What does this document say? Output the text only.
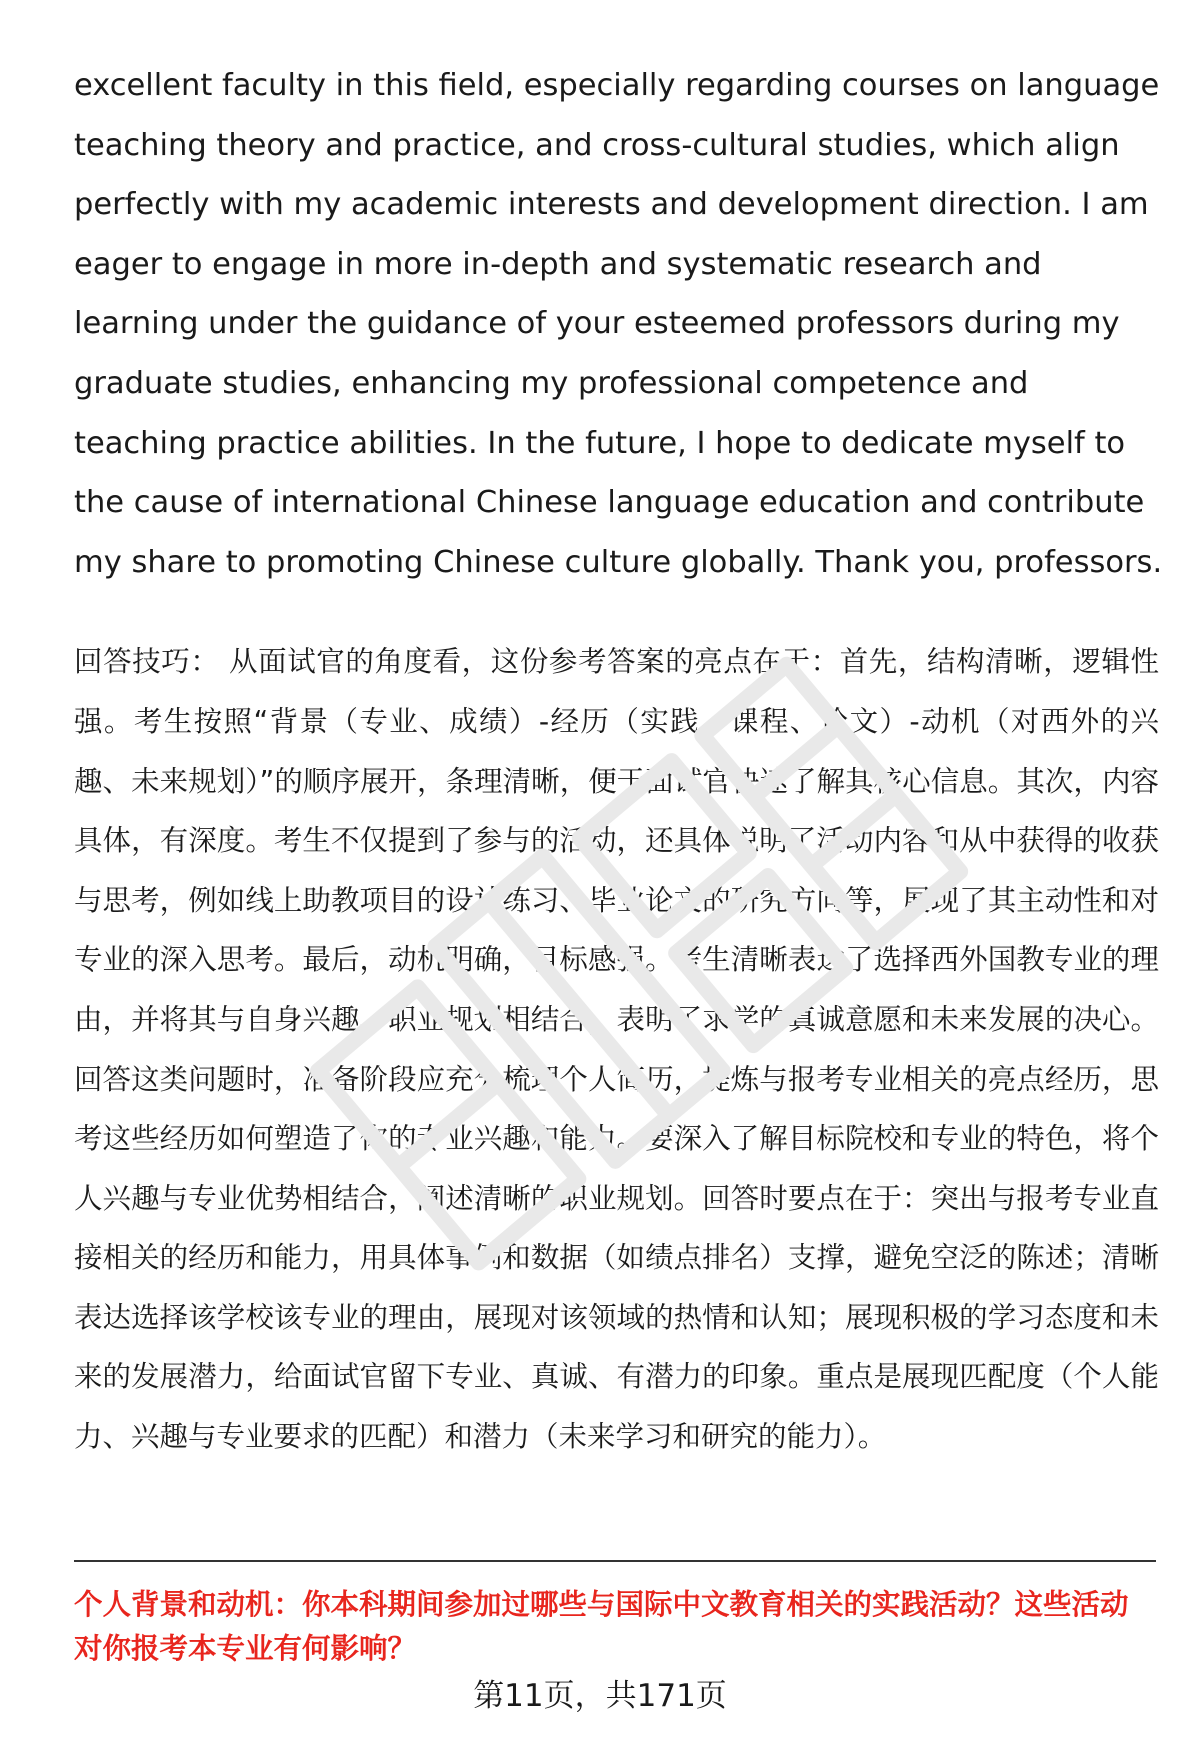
excellent faculty in this field, especially regarding courses on language teaching theory and practice, and cross-cultural studies, which align perfectly with my academic interests and development direction. I am eager to engage in more in-depth and systematic research and learning under the guidance of your esteemed professors during my graduate studies, enhancing my professional competence and teaching practice abilities. In the future, I hope to dedicate myself to the cause of international Chinese language education and contribute my share to promoting Chinese culture globally. Thank you, professors.

回答技巧： 从面试官的角度看，这份参考答案的亮点在于：首先，结构清晰，逻辑性强。考生按照“背景（专业、成绩）-经历（实践、课程、论文）-动机（对西外的兴趣、未来规划）”的顺序展开，条理清晰，便于面试官快速了解其核心信息。其次，内容具体，有深度。考生不仅提到了参与的活动，还具体说明了活动内容和从中获得的收获与思考，例如线上助教项目的设计练习、毕业论文的研究方向等，展现了其主动性和对专业的深入思考。最后，动机明确，目标感强。考生清晰表达了选择西外国教专业的理由，并将其与自身兴趣、职业规划相结合，表明了求学的真诚意愿和未来发展的决心。回答这类问题时，准备阶段应充分梳理个人简历，提炼与报考专业相关的亮点经历，思考这些经历如何塑造了你的专业兴趣和能力。要深入了解目标院校和专业的特色，将个人兴趣与专业优势相结合，阐述清晰的职业规划。回答时要点在于：突出与报考专业直接相关的经历和能力，用具体事例和数据（如绩点排名）支撑，避免空泛的陈述；清晰表达选择该学校该专业的理由，展现对该领域的热情和认知；展现积极的学习态度和未来的发展潜力，给面试官留下专业、真诚、有潜力的印象。重点是展现匹配度（个人能力、兴趣与专业要求的匹配）和潜力（未来学习和研究的能力）。

个人背景和动机：你本科期间参加过哪些与国际中文教育相关的实践活动？这些活动对你报考本专业有何影响？

第11页，共171页
